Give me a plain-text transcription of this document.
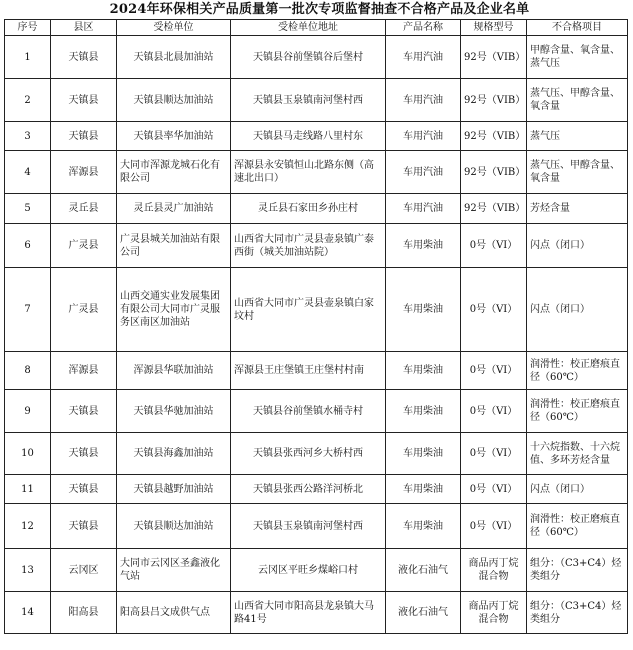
2024年环保相关产品质量第一批次专项监督抽查不合格产品及企业名单
序号	县区	受检单位	受检单位地址	产品名称	规格型号	不合格项目
1	天镇县	天镇县北晨加油站	天镇县谷前堡镇谷后堡村	车用汽油	92号（VIB）	甲醇含量、氧含量、蒸气压
2	天镇县	天镇县顺达加油站	天镇县玉泉镇南河堡村西	车用汽油	92号（VIB）	蒸气压、甲醇含量、氧含量
3	天镇县	天镇县率华加油站	天镇县马走线路八里村东	车用汽油	92号（VIB）	蒸气压
4	浑源县	大同市浑源龙城石化有限公司	浑源县永安镇恒山北路东侧（高速北出口）	车用汽油	92号（VIB）	蒸气压、甲醇含量、氧含量
5	灵丘县	灵丘县灵广加油站	灵丘县石家田乡孙庄村	车用汽油	92号（VIB）	芳烃含量
6	广灵县	广灵县城关加油站有限公司	山西省大同市广灵县壶泉镇广泰西街（城关加油站院）	车用柴油	0号（VI）	闪点（闭口）
7	广灵县	山西交通实业发展集团有限公司大同市广灵服务区南区加油站	山西省大同市广灵县壶泉镇白家坟村	车用柴油	0号（VI）	闪点（闭口）
8	浑源县	浑源县华联加油站	浑源县王庄堡镇王庄堡村村南	车用柴油	0号（VI）	润滑性：校正磨痕直径（60℃）
9	天镇县	天镇县华驰加油站	天镇县谷前堡镇水桶寺村	车用柴油	0号（VI）	润滑性：校正磨痕直径（60℃）
10	天镇县	天镇县海鑫加油站	天镇县张西河乡大桥村西	车用柴油	0号（VI）	十六烷指数、十六烷值、多环芳烃含量
11	天镇县	天镇县越野加油站	天镇县张西公路洋河桥北	车用柴油	0号（VI）	闪点（闭口）
12	天镇县	天镇县顺达加油站	天镇县玉泉镇南河堡村西	车用柴油	0号（VI）	润滑性：校正磨痕直径（60℃）
13	云冈区	大同市云冈区圣鑫液化气站	云冈区平旺乡煤峪口村	液化石油气	商品丙丁烷混合物	组分：（C3+C4）烃类组分
14	阳高县	阳高县吕文成供气点	山西省大同市阳高县龙泉镇大马路41号	液化石油气	商品丙丁烷混合物	组分：（C3+C4）烃类组分
